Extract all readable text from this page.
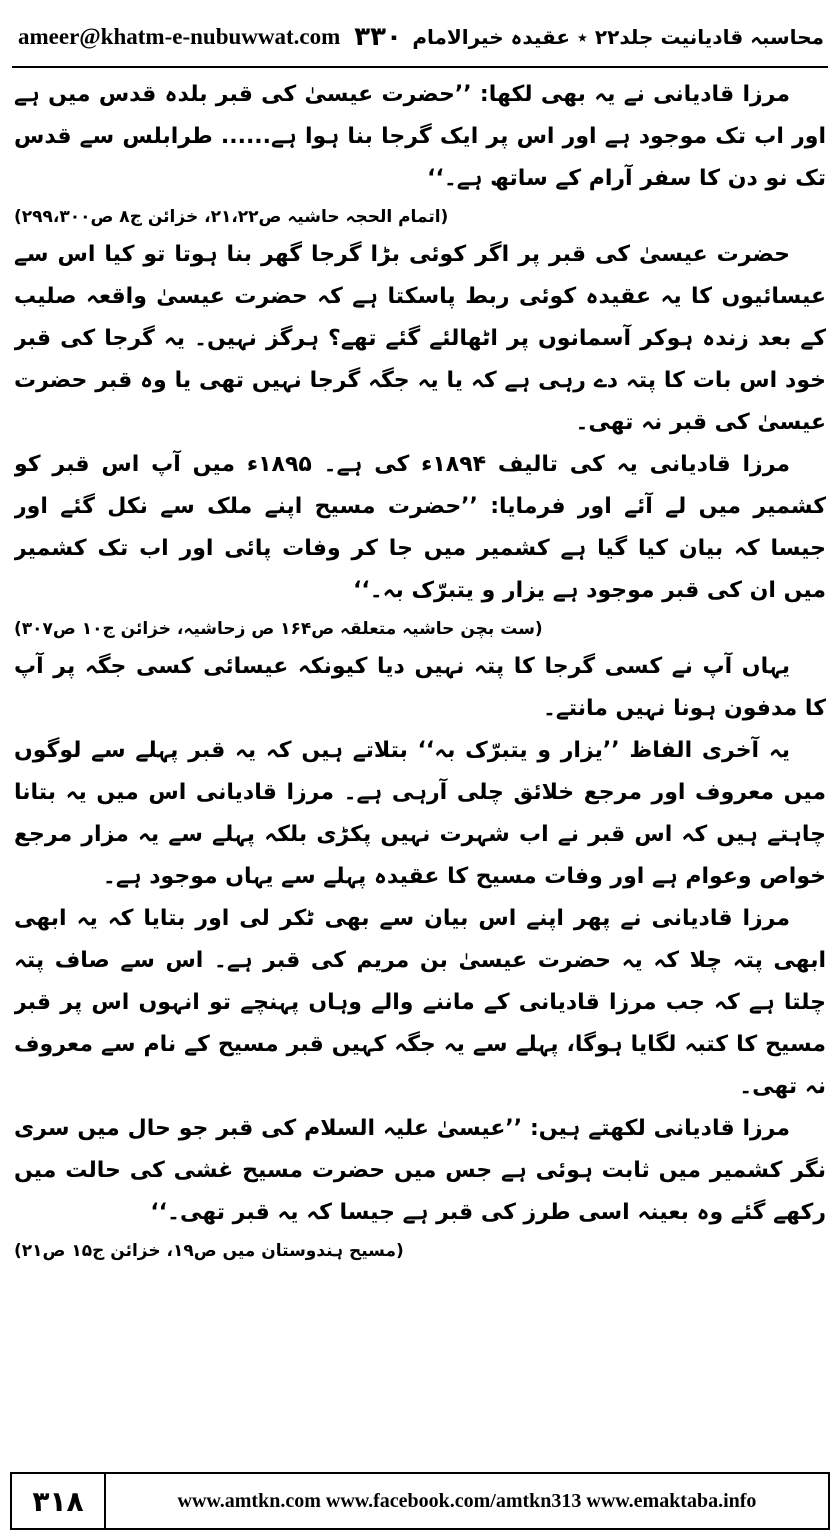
ameer@khatm-e-nubuwwat.com ۳۳۰ محاسبہ قادیانیت جلد۲۲ ٭ عقیدہ خیرالامام

مرزا قادیانی نے یہ بھی لکھا: ’’حضرت عیسیٰ کی قبر بلدہ قدس میں ہے اور اب تک موجود ہے اور اس پر ایک گرجا بنا ہوا ہے...... طرابلس سے قدس تک نو دن کا سفر آرام کے ساتھ ہے۔‘‘

(اتمام الحجہ حاشیہ ص۲۱،۲۲، خزائن ج۸ ص۲۹۹،۳۰۰)

حضرت عیسیٰ کی قبر پر اگر کوئی بڑا گرجا گھر بنا ہوتا تو کیا اس سے عیسائیوں کا یہ عقیدہ کوئی ربط پاسکتا ہے کہ حضرت عیسیٰ واقعہ صلیب کے بعد زندہ ہوکر آسمانوں پر اٹھالئے گئے تھے؟ ہرگز نہیں۔ یہ گرجا کی قبر خود اس بات کا پتہ دے رہی ہے کہ یا یہ جگہ گرجا نہیں تھی یا وہ قبر حضرت عیسیٰ کی قبر نہ تھی۔

مرزا قادیانی یہ کی تالیف ۱۸۹۴ء کی ہے۔ ۱۸۹۵ء میں آپ اس قبر کو کشمیر میں لے آئے اور فرمایا: ’’حضرت مسیح اپنے ملک سے نکل گئے اور جیسا کہ بیان کیا گیا ہے کشمیر میں جا کر وفات پائی اور اب تک کشمیر میں ان کی قبر موجود ہے یزار و یتبرّک بہ۔‘‘

(ست بچن حاشیہ متعلقہ ص۱۶۴ ص زحاشیہ، خزائن ج۱۰ ص۳۰۷)

یہاں آپ نے کسی گرجا کا پتہ نہیں دیا کیونکہ عیسائی کسی جگہ پر آپ کا مدفون ہونا نہیں مانتے۔

یہ آخری الفاظ ’’یزار و یتبرّک بہ‘‘ بتلاتے ہیں کہ یہ قبر پہلے سے لوگوں میں معروف اور مرجع خلائق چلی آرہی ہے۔ مرزا قادیانی اس میں یہ بتانا چاہتے ہیں کہ اس قبر نے اب شہرت نہیں پکڑی بلکہ پہلے سے یہ مزار مرجع خواص وعوام ہے اور وفات مسیح کا عقیدہ پہلے سے یہاں موجود ہے۔

مرزا قادیانی نے پھر اپنے اس بیان سے بھی ٹکر لی اور بتایا کہ یہ ابھی ابھی پتہ چلا کہ یہ حضرت عیسیٰ بن مریم کی قبر ہے۔ اس سے صاف پتہ چلتا ہے کہ جب مرزا قادیانی کے ماننے والے وہاں پہنچے تو انہوں اس پر قبر مسیح کا کتبہ لگایا ہوگا، پہلے سے یہ جگہ کہیں قبر مسیح کے نام سے معروف نہ تھی۔

مرزا قادیانی لکھتے ہیں: ’’عیسیٰ علیہ السلام کی قبر جو حال میں سری نگر کشمیر میں ثابت ہوئی ہے جس میں حضرت مسیح غشی کی حالت میں رکھے گئے وہ بعینہ اسی طرز کی قبر ہے جیسا کہ یہ قبر تھی۔‘‘

(مسیح ہندوستان میں ص۱۹، خزائن ج۱۵ ص۲۱)
۳۱۸	www.amtkn.com www.facebook.com/amtkn313 www.emaktaba.info
